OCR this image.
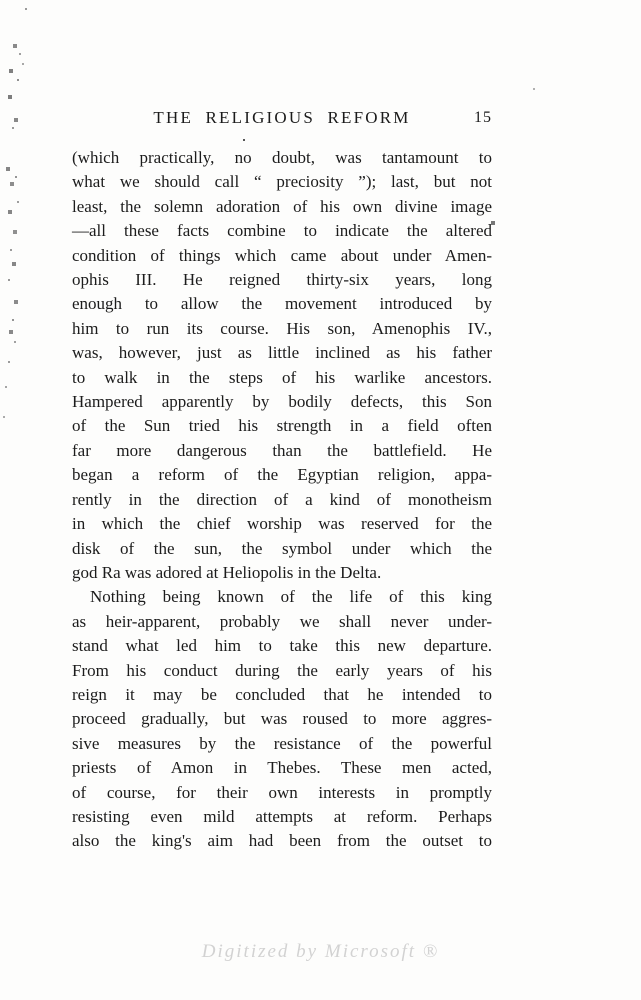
THE RELIGIOUS REFORM	15
(which practically, no doubt, was tantamount to
what we should call “ preciosity ”); last, but not
least, the solemn adoration of his own divine image
—all these facts combine to indicate the altered
condition of things which came about under Amen-
ophis III. He reigned thirty-six years, long
enough to allow the movement introduced by
him to run its course. His son, Amenophis IV.,
was, however, just as little inclined as his father
to walk in the steps of his warlike ancestors.
Hampered apparently by bodily defects, this Son
of the Sun tried his strength in a field often
far more dangerous than the battlefield. He
began a reform of the Egyptian religion, appa-
rently in the direction of a kind of monotheism
in which the chief worship was reserved for the
disk of the sun, the symbol under which the
god Ra was adored at Heliopolis in the Delta.
Nothing being known of the life of this king
as heir-apparent, probably we shall never under-
stand what led him to take this new departure.
From his conduct during the early years of his
reign it may be concluded that he intended to
proceed gradually, but was roused to more aggres-
sive measures by the resistance of the powerful
priests of Amon in Thebes. These men acted,
of course, for their own interests in promptly
resisting even mild attempts at reform. Perhaps
also the king's aim had been from the outset to
Digitized by Microsoft ®
